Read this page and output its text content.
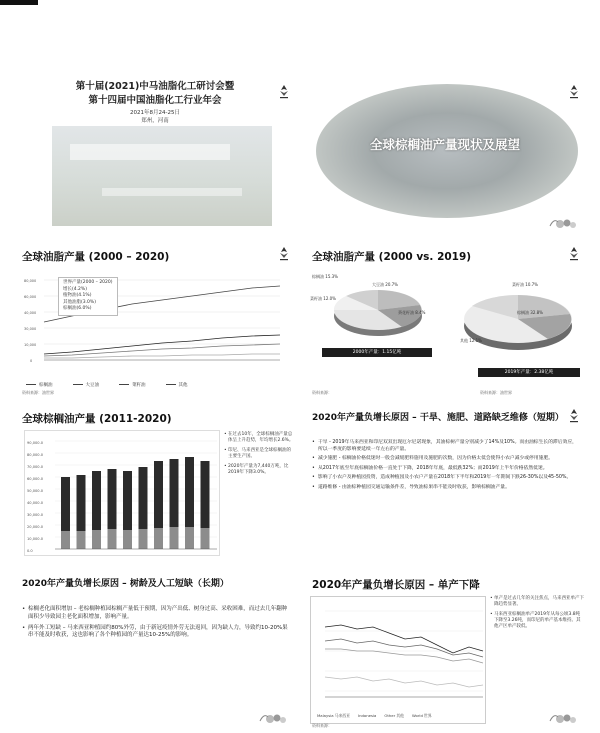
第十届(2021)中马油脂化工研讨会暨
第十四届中国油脂化工行业年会
2021年8月24-25日
郑州，河南
全球棕榈油产量现状及展望
全球油脂产量 (2000 – 2020)
80,000
60,000
40,000
30,000
10,000
0
世界产量(2000 – 2020)
增长(4.2%)
植物油(4.1%)
其他油脂(3.0%)
棕榈油(6.0%)
棕榈油	大豆油	菜籽油	其他
资料来源：油世界
全球油脂产量 (2000 vs. 2019)
棕榈油 15.3%
菜籽油 12.0%
葵花籽油 8.4%
大豆油 20.7%
2000年产量：1.15亿吨
菜籽油 10.7%
其他 12.1%
棕榈油 32.8%
2019年产量：2.38亿吨
资料来源：	资料来源：油世界
全球棕榈油产量 (2011-2020)
90,000.0
80,000.0
70,000.0
60,000.0
50,000.0
40,000.0
30,000.0
20,000.0
10,000.0
0.0
• 在过去10年，全球棕榈油产量总体呈上升趋势，年均增长2.6%。
• 印尼、马来西亚是全球棕榈油的主要生产国。
• 2020年产量为7,440万吨，比2019年下降3.0%。
2020年产量负增长原因 – 干旱、施肥、道路缺乏维修（短期）
• 干旱 - 2019年马来西亚和印尼双双出现厄尔尼诺现象，其油棕树产量分别减少了14%及10%。而由油棕生长的滞后效应，所以一季度的影响要延续一年左右的产量。
• 减少施肥 - 棕榈油价格低迷时一般会减缓肥料施用及施肥的次数，因为价格太低会使得小农户减少或停用施肥。
• 从2017年底至年底棕榈油价格一直处于下降，2018年年底，最低跌32%；而2019年上半年价格依然低迷。
• 影响了小农户及种植园投资，造成种植园及小农户产量在2018年下半年和2019年一年期间下跌26-30%以及45-50%。
• 道路维修 - 由油棕种植园交通运输条件差，导致油棕果串不能及时收获，影响棕榈油产量。
2020年产量负增长原因 – 树龄及人工短缺（长期）
• 棕榈老化面积增加 – 老棕榈种植园棕榈产量低于预期，因为产出低、树身过高、采收困难，而过去几年翻种面积少导致园主老化面积增加，影响产量。
• 两年外工短缺 – 马来西亚种植园约80%外劳，由于新冠疫情外劳无法返回，因为缺人力，导致约10-20%果串不能及时收获，这也影响了各个种植园的产量达10-25%的影响。
2020年产量负增长原因 – 单产下降
Malaysia 马来西亚 Indonesia Other 其他 World 世界
• 单产是过去几年的关注焦点，马来西亚单产下降趋势显著。
• 马来西亚棕榈油单产2019年从每公顷3.8吨下降至3.26吨，而印尼的单产基本维持。其他产区单产较低。
资料来源：
